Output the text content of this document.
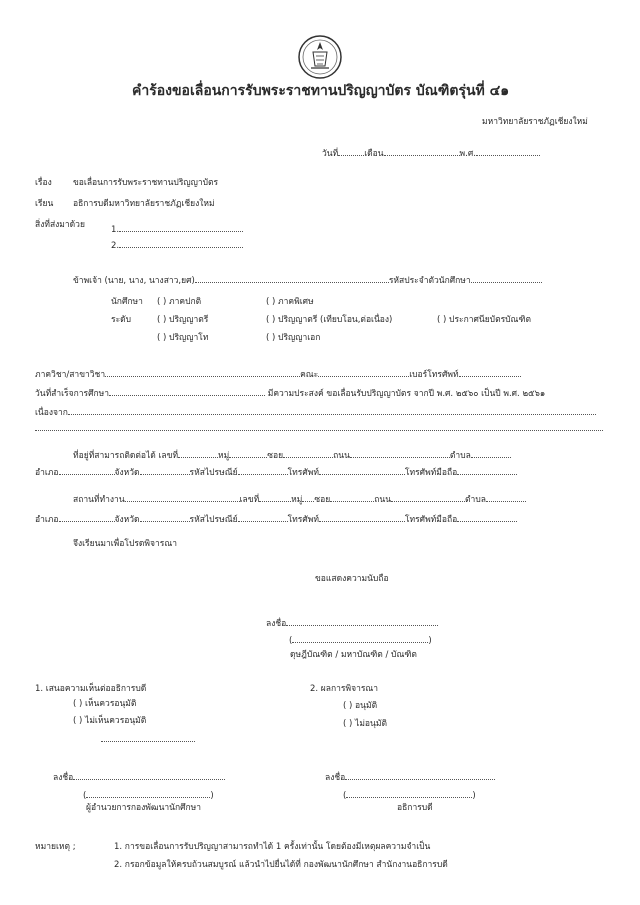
คำร้องขอเลื่อนการรับพระราชทานปริญญาบัตร บัณฑิตรุ่นที่ ๔๑
มหาวิทยาลัยราชภัฏเชียงใหม่
วันที่	เดือน	พ.ศ.
เรื่อง	ขอเลื่อนการรับพระราชทานปริญญาบัตร
เรียน อธิการบดีมหาวิทยาลัยราชภัฏเชียงใหม่
สิ่งที่ส่งมาด้วย	1.
2.
ข้าพเจ้า (นาย, นาง, นางสาว,ยศ)	รหัสประจำตัวนักศึกษา
นักศึกษา ( ) ภาคปกติ	( ) ภาคพิเศษ
ระดับ	( ) ปริญญาตรี	( ) ปริญญาตรี (เทียบโอน,ต่อเนื่อง)	( ) ประกาศนียบัตรบัณฑิต
( ) ปริญญาโท	( ) ปริญญาเอก
ภาควิชา/สาขาวิชา	คณะ	เบอร์โทรศัพท์
วันที่สำเร็จการศึกษา	มีความประสงค์ ขอเลื่อนรับปริญญาบัตร จากปี พ.ศ. ๒๕๖๐ เป็นปี พ.ศ. ๒๕๖๑
เนื่องจาก
ที่อยู่ที่สามารถติดต่อได้ เลขที่	หมู่	ซอย	ถนน	ตำบล
อำเภอ	จังหวัด	รหัสไปรษณีย์	โทรศัพท์	โทรศัพท์มือถือ
สถานที่ทำงาน	เลขที่	หมู่ ซอย	ถนน	ตำบล
อำเภอ	จังหวัด	รหัสไปรษณีย์	โทรศัพท์	โทรศัพท์มือถือ
จึงเรียนมาเพื่อโปรดพิจารณา
ขอแสดงความนับถือ
ลงชื่อ
(	)
ดุษฎีบัณฑิต / มหาบัณฑิต / บัณฑิต
1. เสนอความเห็นต่ออธิการบดี
( ) เห็นควรอนุมัติ
( ) ไม่เห็นควรอนุมัติ
2. ผลการพิจารณา
( ) อนุมัติ
( ) ไม่อนุมัติ
ลงชื่อ
(	)
ผู้อำนวยการกองพัฒนานักศึกษา
ลงชื่อ
(	)
อธิการบดี
หมายเหตุ ;	1. การขอเลื่อนการรับปริญญาสามารถทำได้ 1 ครั้งเท่านั้น โดยต้องมีเหตุผลความจำเป็น
2. กรอกข้อมูลให้ครบถ้วนสมบูรณ์ แล้วนำไปยื่นได้ที่ กองพัฒนานักศึกษา สำนักงานอธิการบดี
